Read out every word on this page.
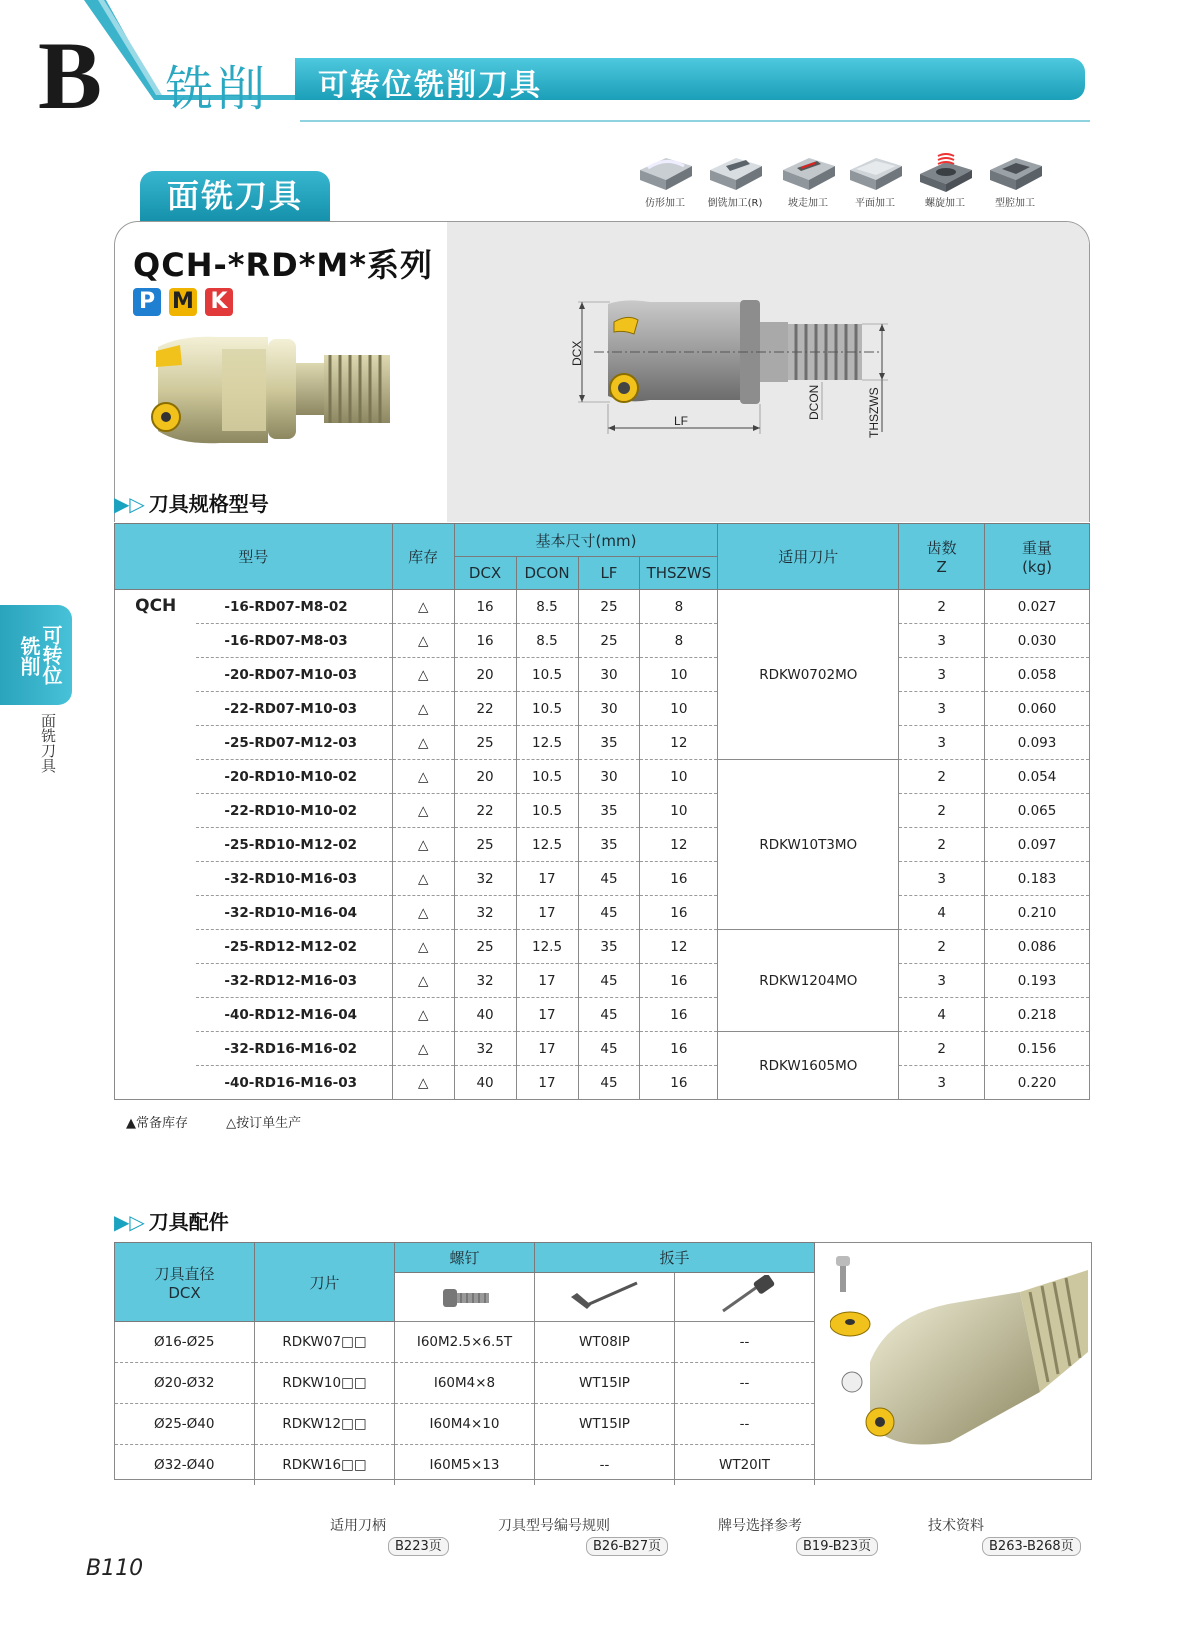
B 铣削 可转位铣削刀具
面铣刀具	仿形加工	倒铣加工(R)	坡走加工	平面加工	螺旋加工	型腔加工
QCH-*RD*M*系列
P M K
DCX
LF
DCON	THSZWS
▶▷ 刀具规格型号
型号		库存	基本尺寸(mm)				适用刀片	齿数
Z	重量
(kg)
			DCX	DCON	LF	THSZWS			
QCH	-16-RD07-M8-02	△	16	8.5	25	8	RDKW0702MO	2	0.027
	-16-RD07-M8-03	△	16	8.5	25	8		3	0.030
	-20-RD07-M10-03	△	20	10.5	30	10		3	0.058
	-22-RD07-M10-03	△	22	10.5	30	10		3	0.060
	-25-RD07-M12-03	△	25	12.5	35	12		3	0.093
	-20-RD10-M10-02	△	20	10.5	30	10	RDKW10T3MO	2	0.054
	-22-RD10-M10-02	△	22	10.5	35	10		2	0.065
	-25-RD10-M12-02	△	25	12.5	35	12		2	0.097
	-32-RD10-M16-03	△	32	17	45	16		3	0.183
	-32-RD10-M16-04	△	32	17	45	16		4	0.210
	-25-RD12-M12-02	△	25	12.5	35	12	RDKW1204MO	2	0.086
	-32-RD12-M16-03	△	32	17	45	16		3	0.193
	-40-RD12-M16-04	△	40	17	45	16		4	0.218
	-32-RD16-M16-02	△	32	17	45	16	RDKW1605MO	2	0.156
	-40-RD16-M16-03	△	40	17	45	16		3	0.220
▲常备库存	△按订单生产
▶▷ 刀具配件
刀具直径
DCX	刀片	螺钉	扳手	

Ø16-Ø25	RDKW07□□	I60M2.5×6.5T	WT08IP	--
Ø20-Ø32	RDKW10□□	I60M4×8	WT15IP	--
Ø25-Ø40	RDKW12□□	I60M4×10	WT15IP	--
Ø32-Ø40	RDKW16□□	I60M5×13	--	WT20IT
铣削
可转位
面铣刀具
适用刀柄
B223页
刀具型号编号规则
B26-B27页
牌号选择参考
B19-B23页
技术资料
B263-B268页
B110
